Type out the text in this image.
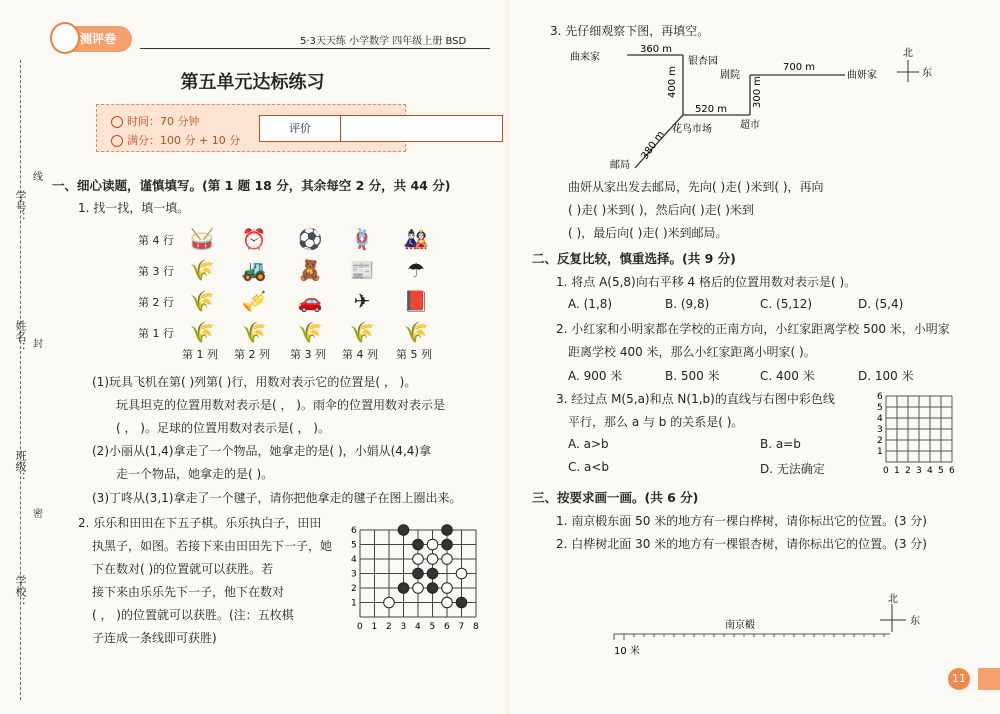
学号：
姓名：
班级：
学校：
线
封
密
测评卷	5·3天天练 小学数学 四年级上册 BSD
第五单元达标练习
时间：70 分钟
满分：100 分 + 10 分
评价
一、细心读题，谨慎填写。(第 1 题 18 分，其余每空 2 分，共 44 分)
1. 找一找，填一填。
第 4 行 🥁 ⏰ ⚽ 🪢 🎎
第 3 行 🌾 🚜 🧸 📰 ☂
第 2 行 🌾 🎺 🚗 ✈ 📕
第 1 行 🌾 🌾 🌾 🌾 🌾
第 1 列 第 2 列 第 3 列 第 4 列 第 5 列
(1)玩具飞机在第( )列第( )行，用数对表示它的位置是( ， )。
玩具坦克的位置用数对表示是( ， )。雨伞的位置用数对表示是
( ， )。足球的位置用数对表示是( ， )。
(2)小丽从(1,4)拿走了一个物品，她拿走的是( )，小娟从(4,4)拿
走一个物品，她拿走的是( )。
(3)丁咚从(3,1)拿走了一个毽子，请你把他拿走的毽子在图上圈出来。
2. 乐乐和田田在下五子棋。乐乐执白子，田田
执黑子，如图。若接下来由田田先下一子，她
下在数对( )的位置就可以获胜。若
接下来由乐乐先下一子，他下在数对
( ， )的位置就可以获胜。(注：五枚棋
子连成一条线即可获胜)
0 1 2 3 4 5 6 7 8
1
2
3
4
5
6
3. 先仔细观察下图，再填空。
曲来家	银杏园
剧院	曲妍家
花鸟市场	超市
邮局
360 m
700 m
400 m
520 m
300 m
380 m
北
东
曲妍从家出发去邮局，先向( )走( )米到( )，再向
( )走( )米到( )，然后向( )走( )米到
( )，最后向( )走( )米到邮局。
二、反复比较，慎重选择。(共 9 分)
1. 将点 A(5,8)向右平移 4 格后的位置用数对表示是( )。
A. (1,8)	B. (9,8)	C. (5,12)	D. (5,4)
2. 小红家和小明家都在学校的正南方向，小红家距离学校 500 米，小明家
距离学校 400 米，那么小红家距离小明家( )。
A. 900 米	B. 500 米	C. 400 米	D. 100 米
3. 经过点 M(5,a)和点 N(1,b)的直线与右图中彩色线
平行，那么 a 与 b 的关系是( )。
A. a>b	B. a=b
C. a<b	D. 无法确定	0 1 2 3 4 5 6
1
2
3
4
5
6
三、按要求画一画。(共 6 分)
1. 南京椴东面 50 米的地方有一棵白桦树，请你标出它的位置。(3 分)
2. 白桦树北面 30 米的地方有一棵银杏树，请你标出它的位置。(3 分)
南京椴
10 米
北
东
11
